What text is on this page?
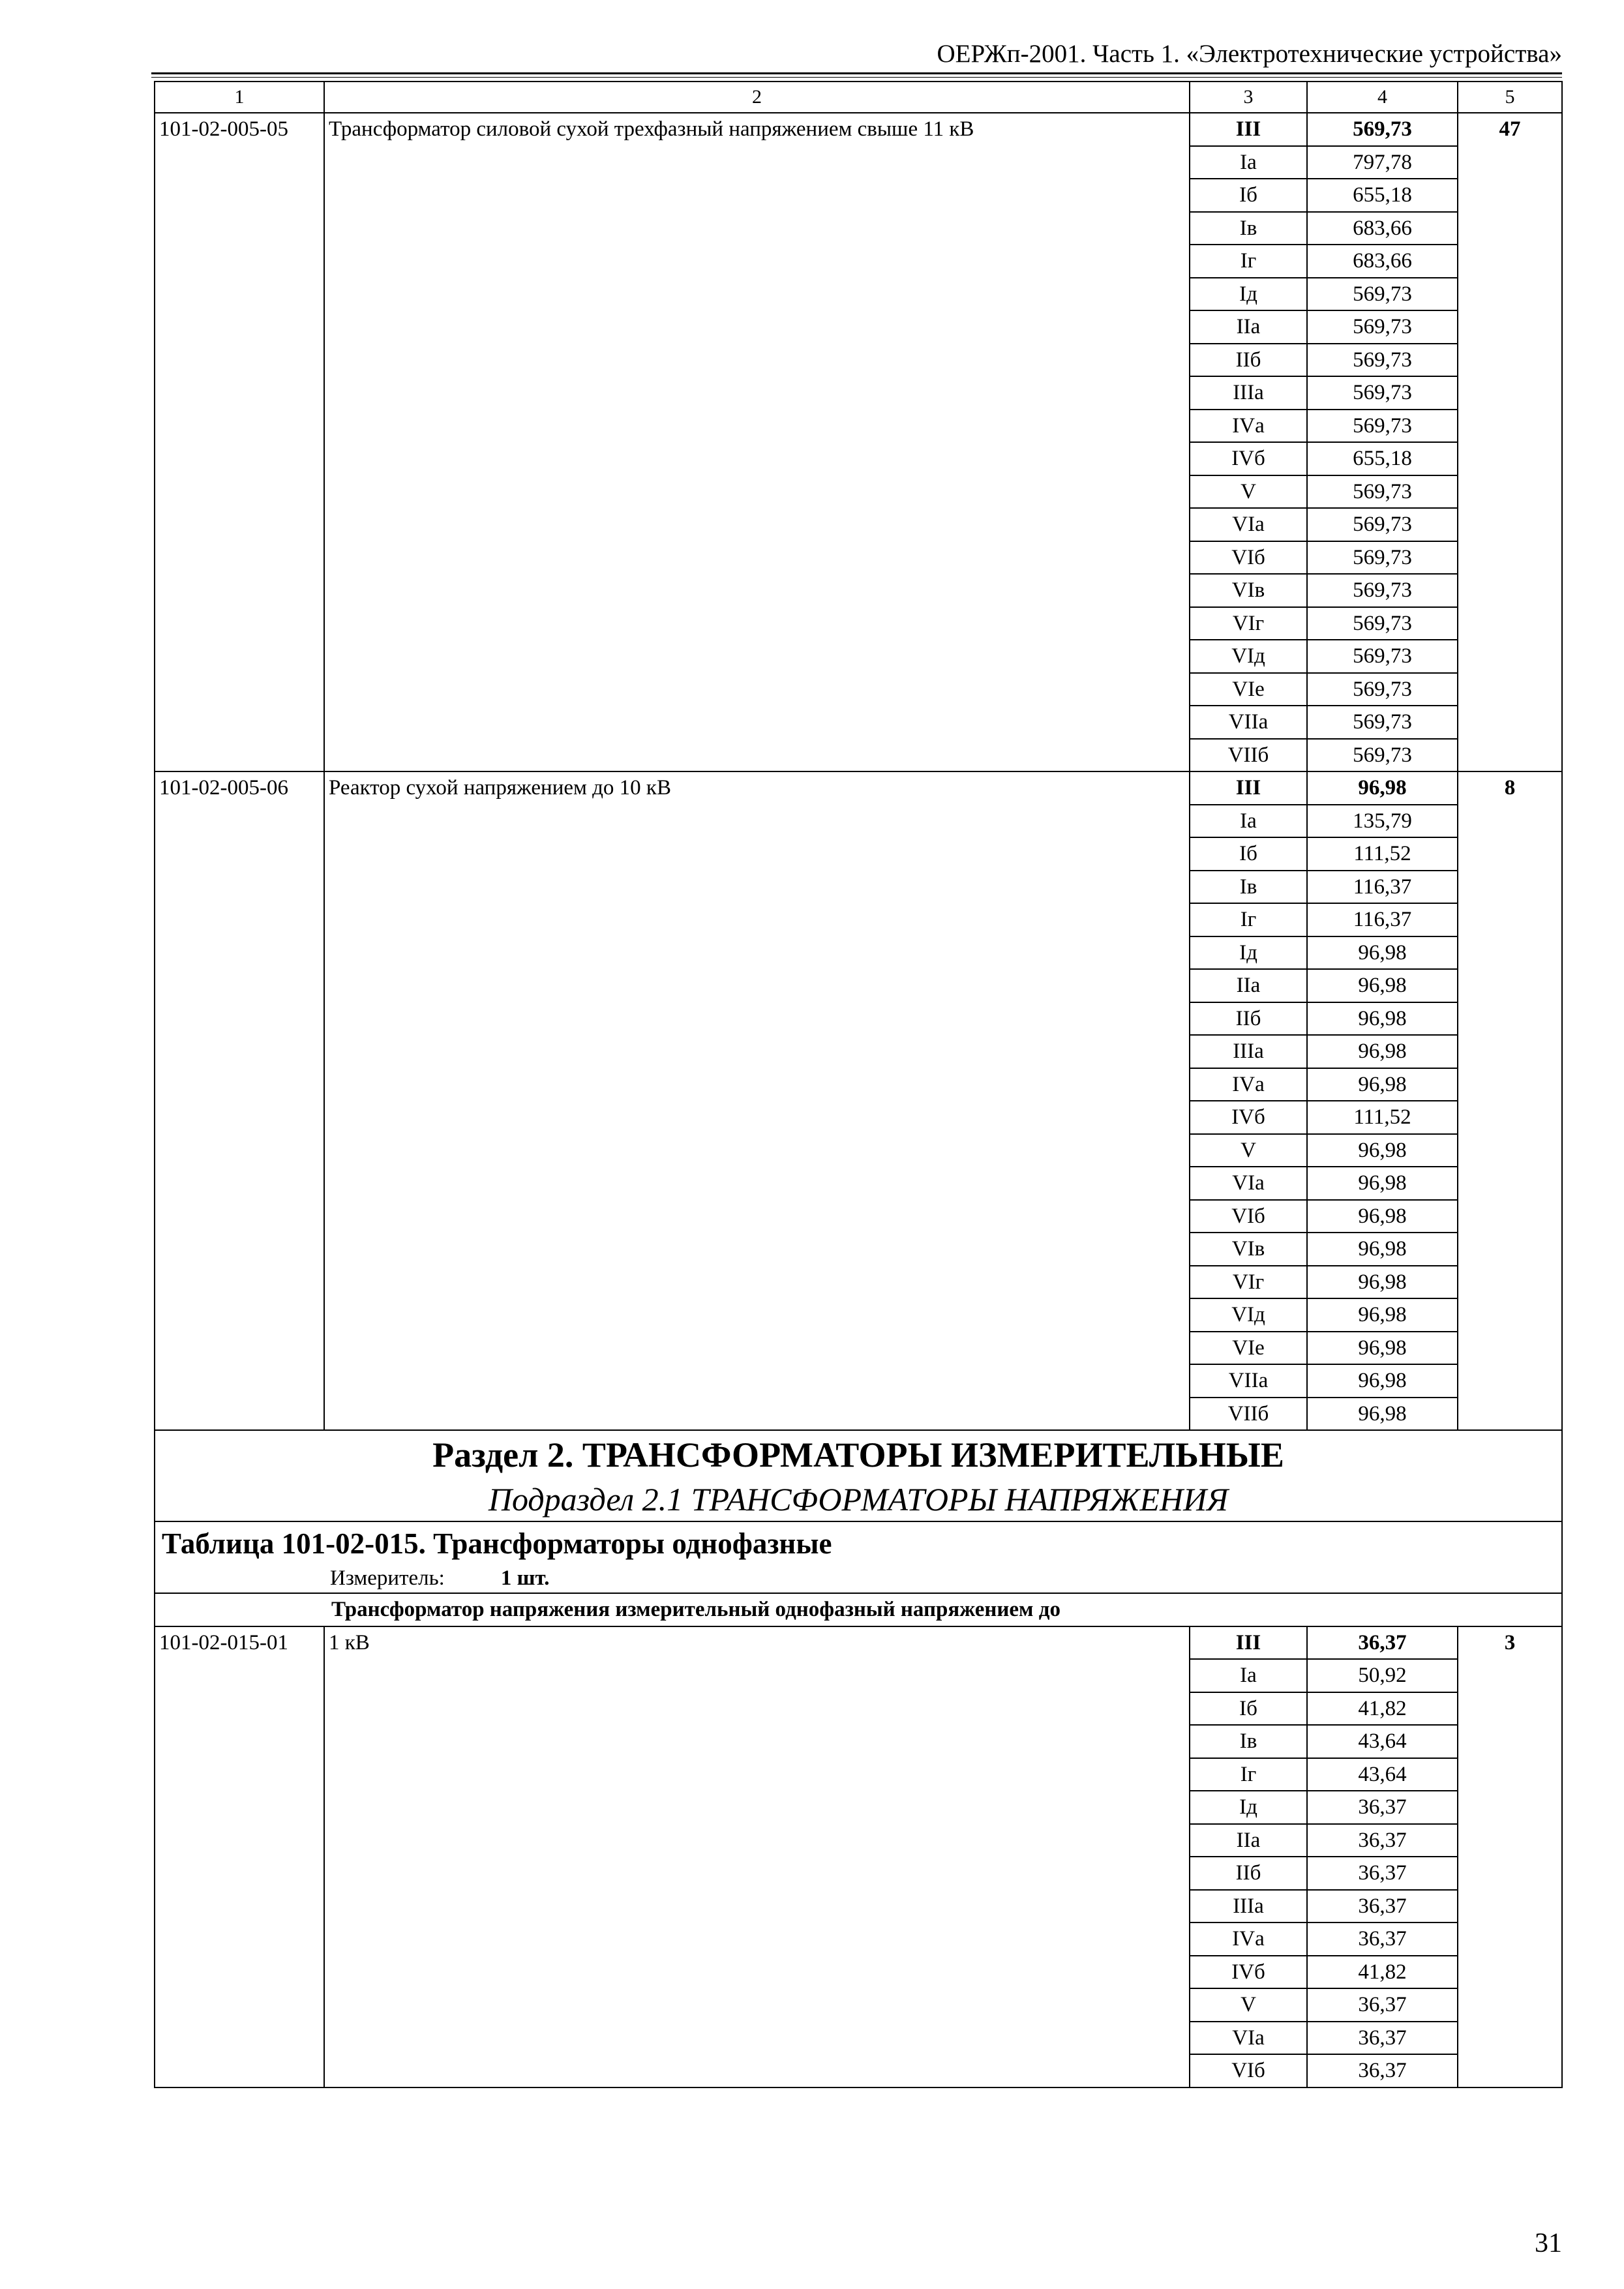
ОЕРЖп-2001. Часть 1. «Электротехнические устройства»
1	2	3	4	5
101-02-005-05	Трансформатор силовой сухой трехфазный напряжением свыше 11 кВ	III	569,73	47
		Iа	797,78	
		Iб	655,18	
		Iв	683,66	
		Iг	683,66	
		Iд	569,73	
		IIа	569,73	
		IIб	569,73	
		IIIа	569,73	
		IVа	569,73	
		IVб	655,18	
		V	569,73	
		VIа	569,73	
		VIб	569,73	
		VIв	569,73	
		VIг	569,73	
		VIд	569,73	
		VIе	569,73	
		VIIа	569,73	
		VIIб	569,73	
101-02-005-06	Реактор сухой напряжением до 10 кВ	III	96,98	8
		Iа	135,79	
		Iб	111,52	
		Iв	116,37	
		Iг	116,37	
		Iд	96,98	
		IIа	96,98	
		IIб	96,98	
		IIIа	96,98	
		IVа	96,98	
		IVб	111,52	
		V	96,98	
		VIа	96,98	
		VIб	96,98	
		VIв	96,98	
		VIг	96,98	
		VIд	96,98	
		VIе	96,98	
		VIIа	96,98	
		VIIб	96,98	

Раздел 2. ТРАНСФОРМАТОРЫ ИЗМЕРИТЕЛЬНЫЕ
Подраздел 2.1 ТРАНСФОРМАТОРЫ НАПРЯЖЕНИЯ				

Таблица 101-02-015. Трансформаторы однофазные
Измеритель: 1 шт.				

Трансформатор напряжения измерительный однофазный напряжением до				
101-02-015-01	1 кВ	III	36,37	3
		Iа	50,92	
		Iб	41,82	
		Iв	43,64	
		Iг	43,64	
		Iд	36,37	
		IIа	36,37	
		IIб	36,37	
		IIIа	36,37	
		IVа	36,37	
		IVб	41,82	
		V	36,37	
		VIа	36,37	
		VIб	36,37	
31
